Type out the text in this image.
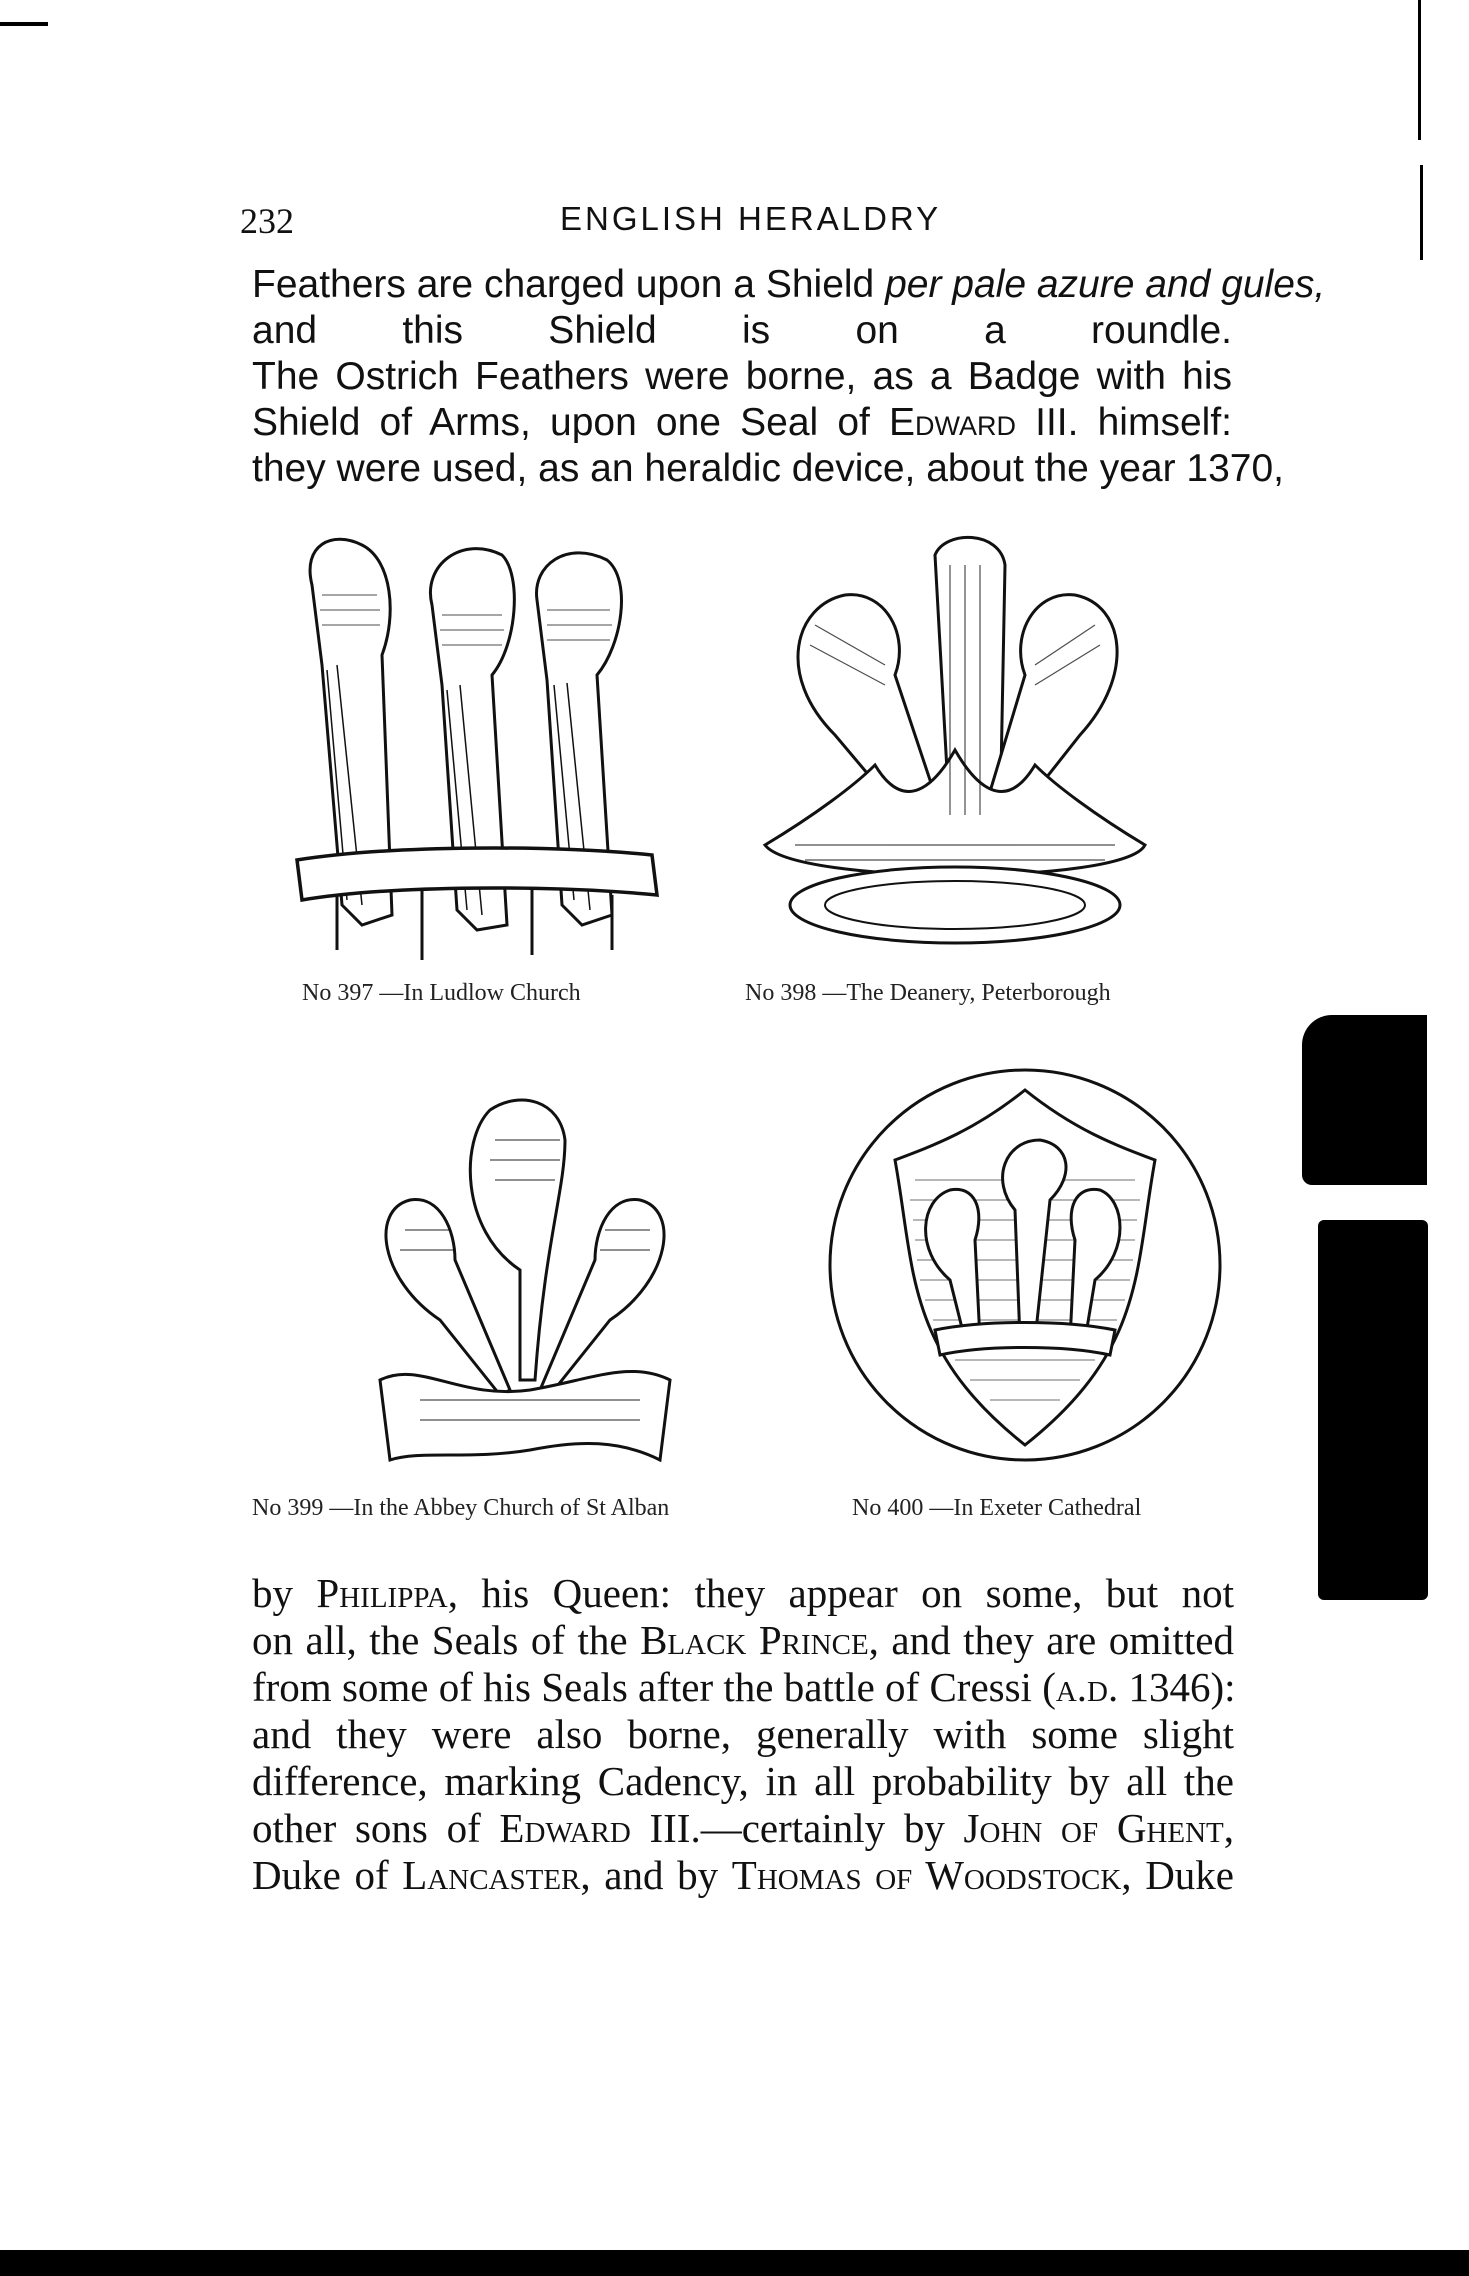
232	ENGLISH HERALDRY
Feathers are charged upon a Shield per pale azure and gules,
and this Shield is on a roundle.
The Ostrich Feathers were borne, as a Badge with his
Shield of Arms, upon one Seal of Edward III. himself:
they were used, as an heraldic device, about the year 1370,
No 397 —In Ludlow Church	No 398 —The Deanery, Peterborough
No 399 —In the Abbey Church of St Alban	No 400 —In Exeter Cathedral
by Philippa, his Queen: they appear on some, but not
on all, the Seals of the Black Prince, and they are omitted
from some of his Seals after the battle of Cressi (a.d. 1346):
and they were also borne, generally with some slight
difference, marking Cadency, in all probability by all the
other sons of Edward III.—certainly by John of Ghent,
Duke of Lancaster, and by Thomas of Woodstock, Duke
